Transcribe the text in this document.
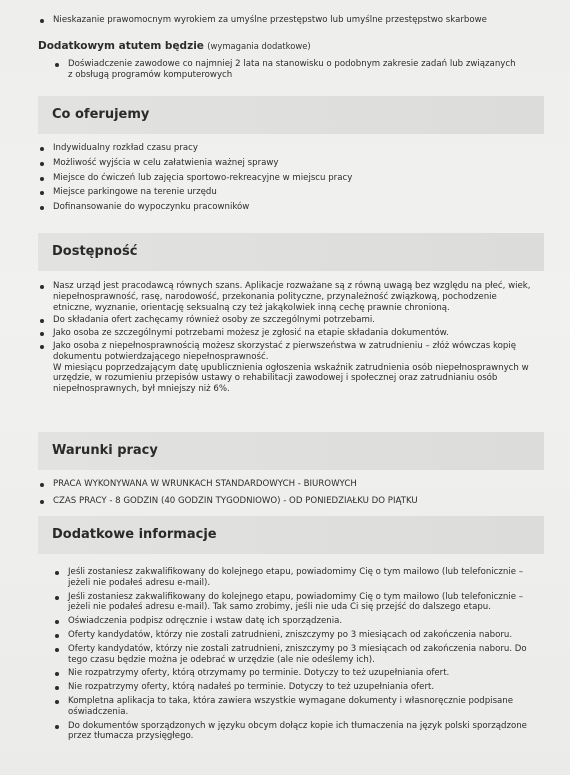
Nieskazanie prawomocnym wyrokiem za umyślne przestępstwo lub umyślne przestępstwo skarbowe
Dodatkowym atutem będzie (wymagania dodatkowe)
Doświadczenie zawodowe co najmniej 2 lata na stanowisku o podobnym zakresie zadań lub związanych z obsługą programów komputerowych
Co oferujemy
Indywidualny rozkład czasu pracy
Możliwość wyjścia w celu załatwienia ważnej sprawy
Miejsce do ćwiczeń lub zajęcia sportowo-rekreacyjne w miejscu pracy
Miejsce parkingowe na terenie urzędu
Dofinansowanie do wypoczynku pracowników
Dostępność
Nasz urząd jest pracodawcą równych szans. Aplikacje rozważane są z równą uwagą bez względu na płeć, wiek, niepełnosprawność, rasę, narodowość, przekonania polityczne, przynależność związkową, pochodzenie etniczne, wyznanie, orientację seksualną czy też jakąkolwiek inną cechę prawnie chronioną.
Do składania ofert zachęcamy również osoby ze szczególnymi potrzebami.
Jako osoba ze szczególnymi potrzebami możesz je zgłosić na etapie składania dokumentów.
Jako osoba z niepełnosprawnością możesz skorzystać z pierwszeństwa w zatrudnieniu – złóż wówczas kopię dokumentu potwierdzającego niepełnosprawność.
W miesiącu poprzedzającym datę upublicznienia ogłoszenia wskaźnik zatrudnienia osób niepełnosprawnych w urzędzie, w rozumieniu przepisów ustawy o rehabilitacji zawodowej i społecznej oraz zatrudnianiu osób niepełnosprawnych, był mniejszy niż 6%.
Warunki pracy
PRACA WYKONYWANA W WRUNKACH STANDARDOWYCH - BIUROWYCH
CZAS PRACY - 8 GODZIN (40 GODZIN TYGODNIOWO) - OD PONIEDZIAŁKU DO PIĄTKU
Dodatkowe informacje
Jeśli zostaniesz zakwalifikowany do kolejnego etapu, powiadomimy Cię o tym mailowo (lub telefonicznie – jeżeli nie podałeś adresu e-mail).
Jeśli zostaniesz zakwalifikowany do kolejnego etapu, powiadomimy Cię o tym mailowo (lub telefonicznie – jeżeli nie podałeś adresu e-mail). Tak samo zrobimy, jeśli nie uda Ci się przejść do dalszego etapu.
Oświadczenia podpisz odręcznie i wstaw datę ich sporządzenia.
Oferty kandydatów, którzy nie zostali zatrudnieni, zniszczymy po 3 miesiącach od zakończenia naboru.
Oferty kandydatów, którzy nie zostali zatrudnieni, zniszczymy po 3 miesiącach od zakończenia naboru. Do tego czasu będzie można je odebrać w urzędzie (ale nie odeślemy ich).
Nie rozpatrzymy oferty, którą otrzymamy po terminie. Dotyczy to też uzupełniania ofert.
Nie rozpatrzymy oferty, którą nadałeś po terminie. Dotyczy to też uzupełniania ofert.
Kompletna aplikacja to taka, która zawiera wszystkie wymagane dokumenty i własnoręcznie podpisane oświadczenia.
Do dokumentów sporządzonych w języku obcym dołącz kopie ich tłumaczenia na język polski sporządzone przez tłumacza przysięgłego.
